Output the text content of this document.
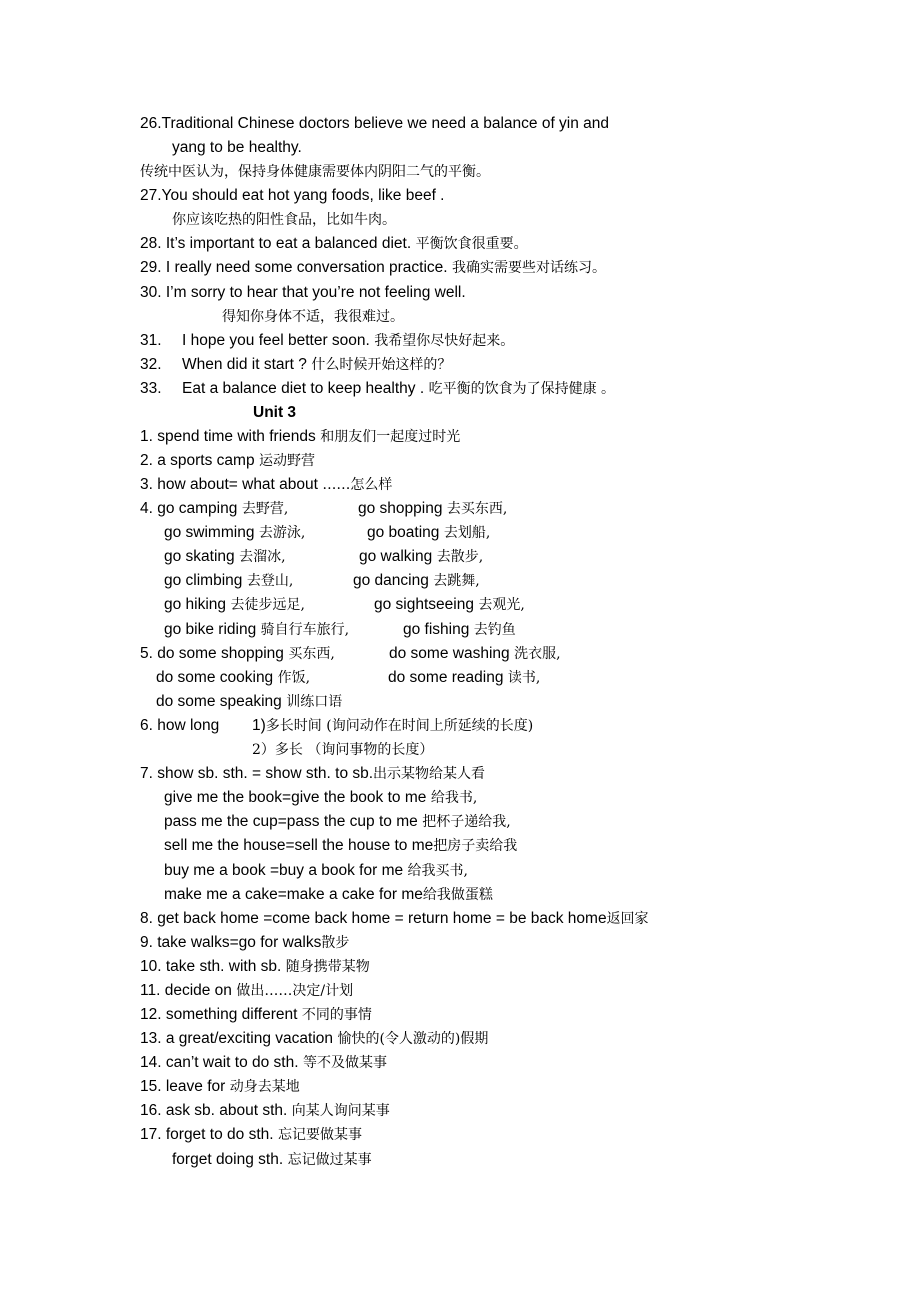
26.Traditional Chinese doctors believe we need a balance of yin and
yang to be healthy.
传统中医认为，保持身体健康需要体内阴阳二气的平衡。
27.You should eat hot yang foods, like beef .
你应该吃热的阳性食品，比如牛肉。
28. It’s important to eat a balanced diet. 平衡饮食很重要。
29. I really need some conversation practice. 我确实需要些对话练习。
30. I’m sorry to hear that you’re not feeling well.
得知你身体不适，我很难过。
31. I hope you feel better soon. 我希望你尽快好起来。
32. When did it start ? 什么时候开始这样的？
33. Eat a balance diet to keep healthy . 吃平衡的饮食为了保持健康 。
Unit 3
1. spend time with friends 和朋友们一起度过时光
2. a sports camp 运动野营
3. how about= what about ……怎么样
4. go camping 去野营,	go shopping 去买东西,
go swimming 去游泳,	go boating 去划船,
go skating 去溜冰,	go walking 去散步,
go climbing 去登山,	go dancing 去跳舞,
go hiking 去徒步远足,	go sightseeing 去观光,
go bike riding 骑自行车旅行,	go fishing 去钓鱼
5. do some shopping 买东西,	do some washing 洗衣服,
do some cooking 作饭,	do some reading 读书,
do some speaking 训练口语
6. how long 1)多长时间 (询问动作在时间上所延续的长度)
2）多长 （询问事物的长度）
7. show sb. sth. = show sth. to sb.出示某物给某人看
give me the book=give the book to me 给我书,
pass me the cup=pass the cup to me 把杯子递给我,
sell me the house=sell the house to me把房子卖给我
buy me a book =buy a book for me 给我买书,
make me a cake=make a cake for me给我做蛋糕
8. get back home =come back home = return home = be back home返回家
9. take walks=go for walks散步
10. take sth. with sb. 随身携带某物
11. decide on 做出……决定/计划
12. something different 不同的事情
13. a great/exciting vacation 愉快的(令人激动的)假期
14. can’t wait to do sth. 等不及做某事
15. leave for 动身去某地
16. ask sb. about sth. 向某人询问某事
17. forget to do sth. 忘记要做某事
forget doing sth. 忘记做过某事
